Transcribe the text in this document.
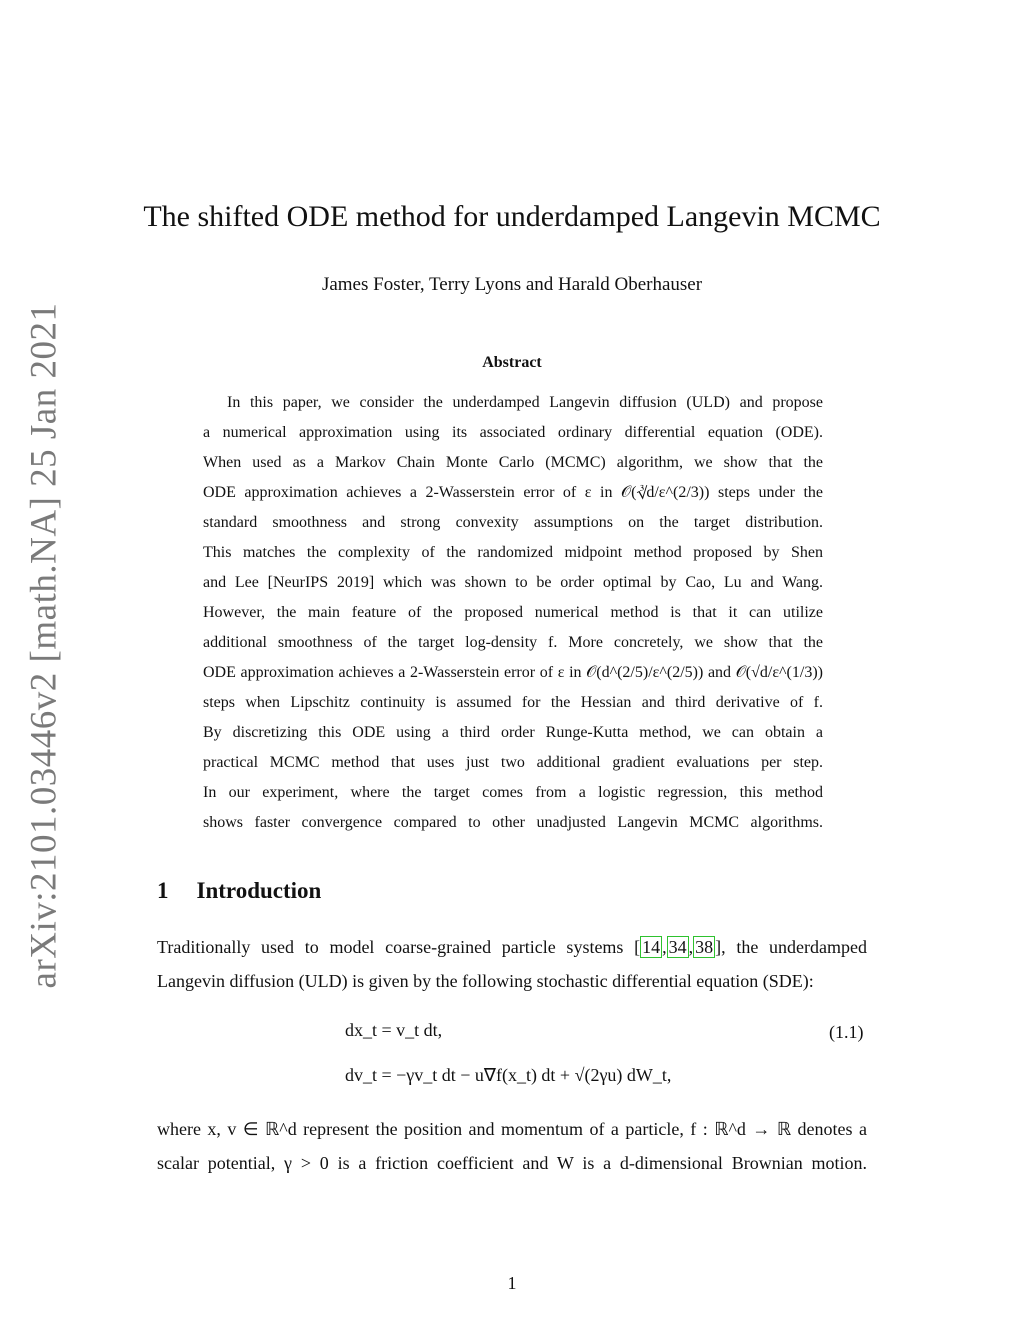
arXiv:2101.03446v2 [math.NA] 25 Jan 2021
The shifted ODE method for underdamped Langevin MCMC
James Foster, Terry Lyons and Harald Oberhauser
Abstract
In this paper, we consider the underdamped Langevin diffusion (ULD) and propose
a numerical approximation using its associated ordinary differential equation (ODE).
When used as a Markov Chain Monte Carlo (MCMC) algorithm, we show that the
ODE approximation achieves a 2-Wasserstein error of ε in 𝒪(∛d/ε^(2/3)) steps under the
standard smoothness and strong convexity assumptions on the target distribution.
This matches the complexity of the randomized midpoint method proposed by Shen
and Lee [NeurIPS 2019] which was shown to be order optimal by Cao, Lu and Wang.
However, the main feature of the proposed numerical method is that it can utilize
additional smoothness of the target log-density f. More concretely, we show that the
ODE approximation achieves a 2-Wasserstein error of ε in 𝒪(d^(2/5)/ε^(2/5)) and 𝒪(√d/ε^(1/3))
steps when Lipschitz continuity is assumed for the Hessian and third derivative of f.
By discretizing this ODE using a third order Runge-Kutta method, we can obtain a
practical MCMC method that uses just two additional gradient evaluations per step.
In our experiment, where the target comes from a logistic regression, this method
shows faster convergence compared to other unadjusted Langevin MCMC algorithms.
1 Introduction
Traditionally used to model coarse-grained particle systems [ 14 , 34 , 38 ], the underdamped
Langevin diffusion (ULD) is given by the following stochastic differential equation (SDE):
dx_t = v_t dt,
dv_t = −γv_t dt − u∇f(x_t) dt + √(2γu) dW_t,
(1.1)
where x, v ∈ ℝ^d represent the position and momentum of a particle, f : ℝ^d → ℝ denotes a
scalar potential, γ > 0 is a friction coefficient and W is a d-dimensional Brownian motion.
1
